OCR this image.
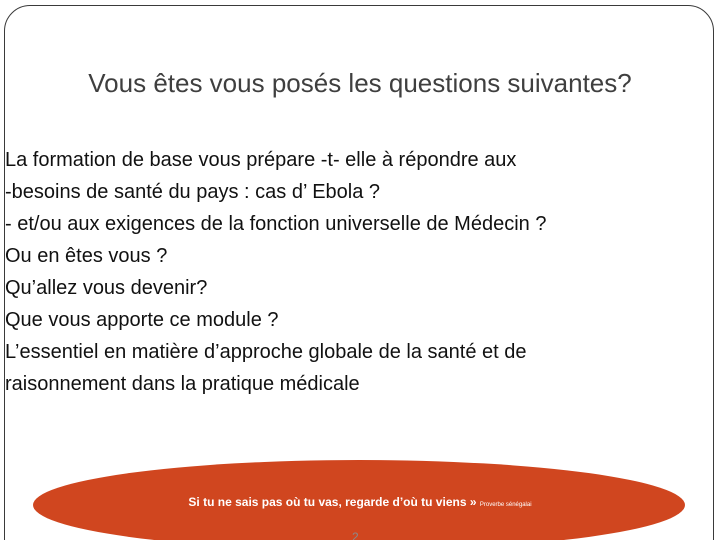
Vous êtes vous posés les questions suivantes?
La formation de base vous prépare -t- elle à répondre aux
-besoins de santé du pays : cas d’ Ebola ?
- et/ou aux exigences de la fonction universelle de Médecin ?
Ou en êtes vous ?
Qu’allez vous devenir?
Que vous apporte ce module ?
L’essentiel en matière d’approche globale de la santé et de
raisonnement dans la pratique médicale
Si tu ne sais pas où tu vas, regarde d’où tu viens » Proverbe sénégalai
2
